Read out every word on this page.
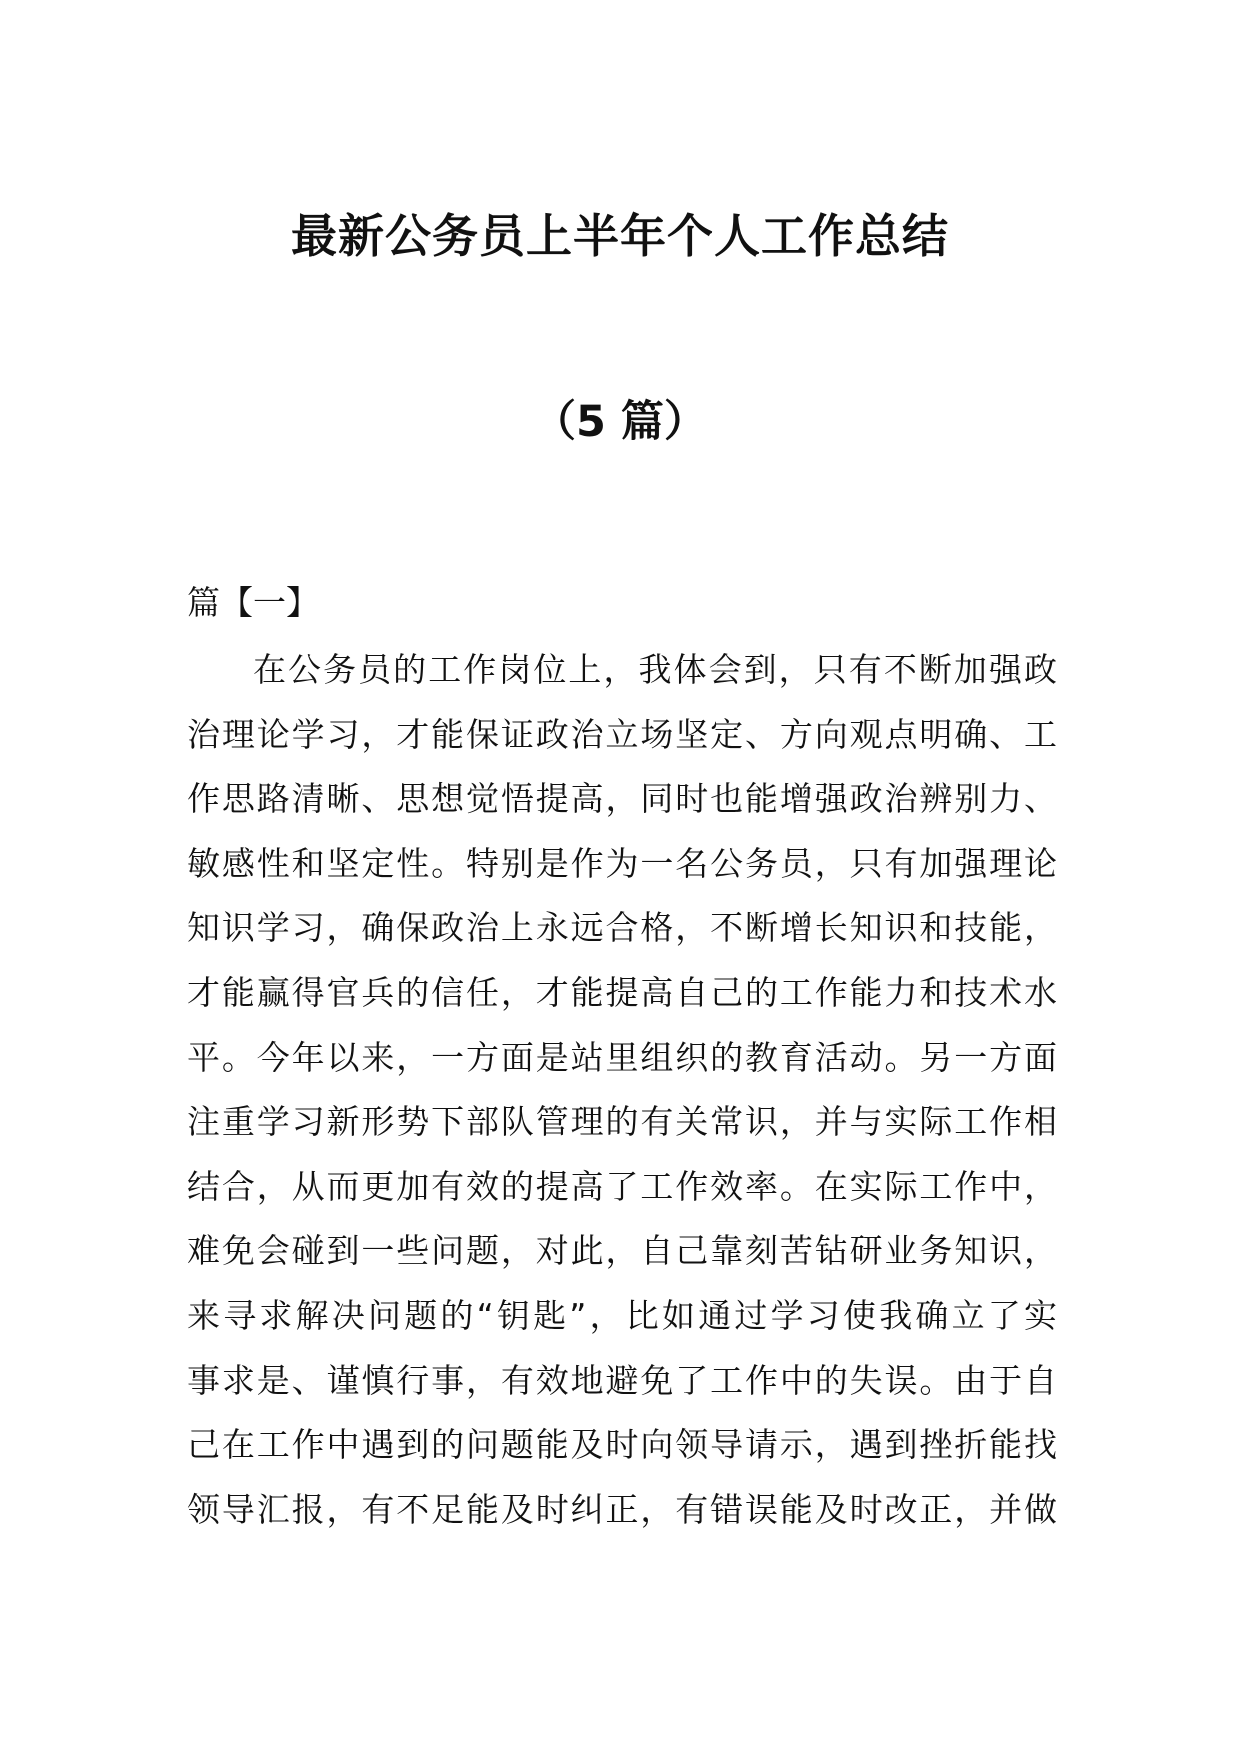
最新公务员上半年个人工作总结
（5 篇）
篇【一】
在公务员的工作岗位上，我体会到，只有不断加强政
治理论学习，才能保证政治立场坚定、方向观点明确、工
作思路清晰、思想觉悟提高，同时也能增强政治辨别力、
敏感性和坚定性。特别是作为一名公务员，只有加强理论
知识学习，确保政治上永远合格，不断增长知识和技能，
才能赢得官兵的信任，才能提高自己的工作能力和技术水
平。今年以来，一方面是站里组织的教育活动。另一方面
注重学习新形势下部队管理的有关常识，并与实际工作相
结合，从而更加有效的提高了工作效率。在实际工作中，
难免会碰到一些问题，对此，自己靠刻苦钻研业务知识，
来寻求解决问题的“钥匙”，比如通过学习使我确立了实
事求是、谨慎行事，有效地避免了工作中的失误。由于自
己在工作中遇到的问题能及时向领导请示，遇到挫折能找
领导汇报，有不足能及时纠正，有错误能及时改正，并做
